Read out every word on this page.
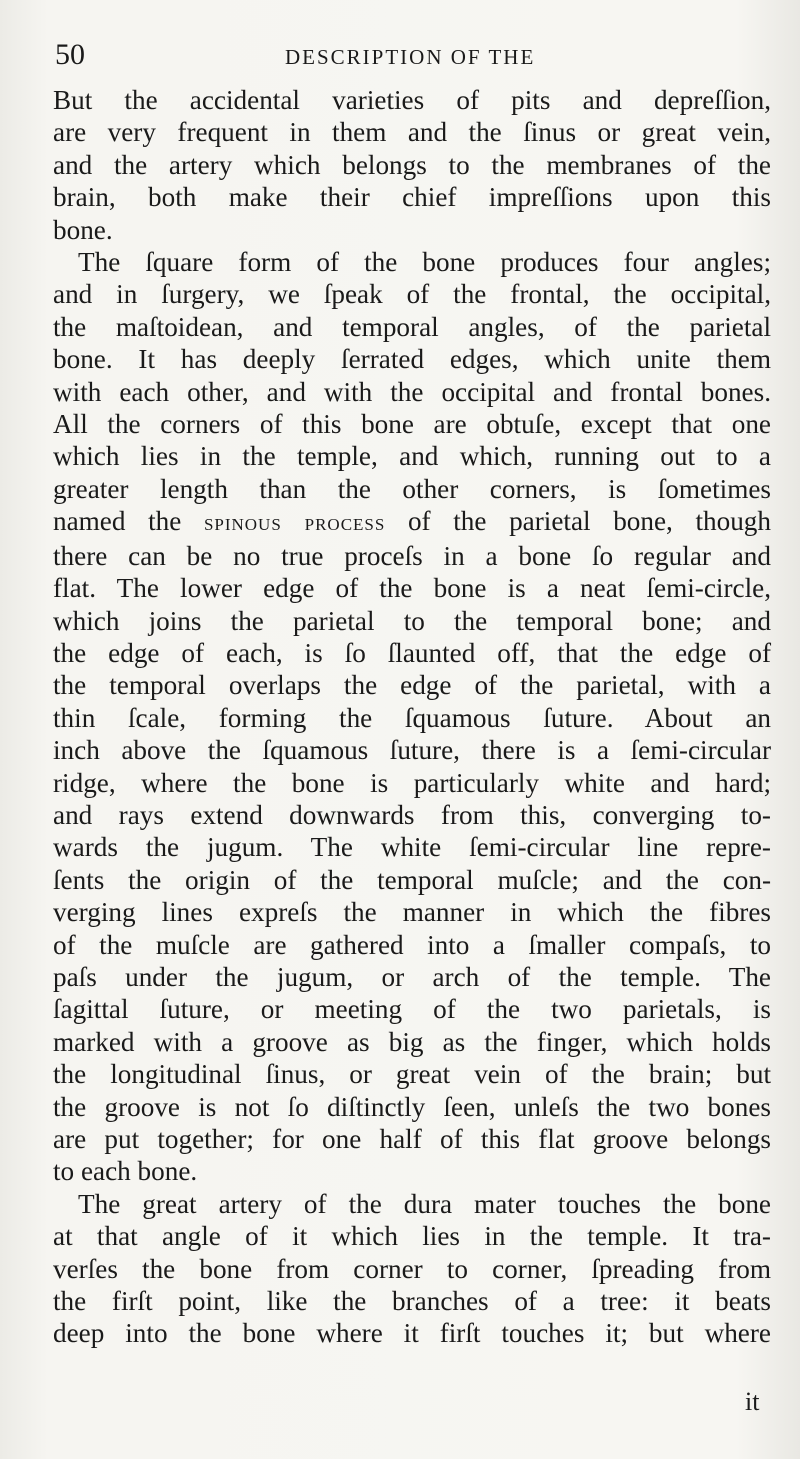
50	DESCRIPTION OF THE

But the accidental varieties of pits and depreſſion,
are very frequent in them and the ſinus or great vein,
and the artery which belongs to the membranes of the
brain, both make their chief impreſſions upon this
bone.

The ſquare form of the bone produces four angles;
and in ſurgery, we ſpeak of the frontal, the occipital,
the maſtoidean, and temporal angles, of the parietal
bone. It has deeply ſerrated edges, which unite them
with each other, and with the occipital and frontal bones.
All the corners of this bone are obtuſe, except that one
which lies in the temple, and which, running out to a
greater length than the other corners, is ſometimes
named the spinous process of the parietal bone, though
there can be no true proceſs in a bone ſo regular and
flat. The lower edge of the bone is a neat ſemi-circle,
which joins the parietal to the temporal bone; and
the edge of each, is ſo ſlaunted off, that the edge of
the temporal overlaps the edge of the parietal, with a
thin ſcale, forming the ſquamous ſuture. About an
inch above the ſquamous ſuture, there is a ſemi-circular
ridge, where the bone is particularly white and hard;
and rays extend downwards from this, converging to-
wards the jugum. The white ſemi-circular line repre-
ſents the origin of the temporal muſcle; and the con-
verging lines expreſs the manner in which the fibres
of the muſcle are gathered into a ſmaller compaſs, to
paſs under the jugum, or arch of the temple. The
ſagittal ſuture, or meeting of the two parietals, is
marked with a groove as big as the finger, which holds
the longitudinal ſinus, or great vein of the brain; but
the groove is not ſo diſtinctly ſeen, unleſs the two bones
are put together; for one half of this flat groove belongs
to each bone.

The great artery of the dura mater touches the bone
at that angle of it which lies in the temple. It tra-
verſes the bone from corner to corner, ſpreading from
the firſt point, like the branches of a tree: it beats
deep into the bone where it firſt touches it; but where

it
